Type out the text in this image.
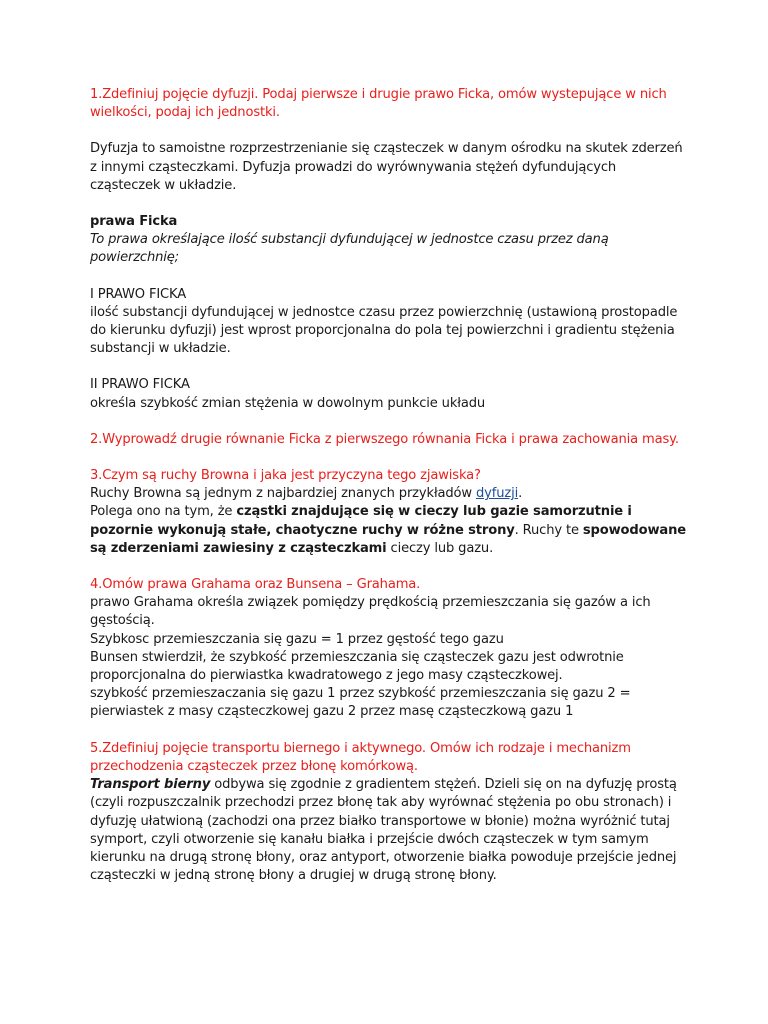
1.Zdefiniuj pojęcie dyfuzji. Podaj pierwsze i drugie prawo Ficka, omów wystepujące w nich wielkości, podaj ich jednostki.

Dyfuzja to samoistne rozprzestrzenianie się cząsteczek w danym ośrodku na skutek zderzeń z innymi cząsteczkami. Dyfuzja prowadzi do wyrównywania stężeń dyfundujących cząsteczek w układzie.

prawa Ficka

To prawa określające ilość substancji dyfundującej w jednostce czasu przez daną powierzchnię;

I PRAWO FICKA

ilość substancji dyfundującej w jednostce czasu przez powierzchnię (ustawioną prostopadle do kierunku dyfuzji) jest wprost proporcjonalna do pola tej powierzchni i gradientu stężenia substancji w układzie.

II PRAWO FICKA

określa szybkość zmian stężenia w dowolnym punkcie układu

2.Wyprowadź drugie równanie Ficka z pierwszego równania Ficka i prawa zachowania masy.

3.Czym są ruchy Browna i jaka jest przyczyna tego zjawiska?

Ruchy Browna są jednym z najbardziej znanych przykładów dyfuzji.

Polega ono na tym, że cząstki znajdujące się w cieczy lub gazie samorzutnie i pozornie wykonują stałe, chaotyczne ruchy w różne strony. Ruchy te spowodowane są zderzeniami zawiesiny z cząsteczkami cieczy lub gazu.

4.Omów prawa Grahama oraz Bunsena – Grahama.

prawo Grahama określa związek pomiędzy prędkością przemieszczania się gazów a ich gęstością.

Szybkosc przemieszczania się gazu = 1 przez gęstość tego gazu

Bunsen stwierdził, że szybkość przemieszczania się cząsteczek gazu jest odwrotnie proporcjonalna do pierwiastka kwadratowego z jego masy cząsteczkowej.

szybkość przemieszaczania się gazu 1 przez szybkość przemieszczania się gazu 2 = pierwiastek z masy cząsteczkowej gazu 2 przez masę cząsteczkową gazu 1

5.Zdefiniuj pojęcie transportu biernego i aktywnego. Omów ich rodzaje i mechanizm przechodzenia cząsteczek przez błonę komórkową.

Transport bierny odbywa się zgodnie z gradientem stężeń. Dzieli się on na dyfuzję prostą (czyli rozpuszczalnik przechodzi przez błonę tak aby wyrównać stężenia po obu stronach) i dyfuzję ułatwioną (zachodzi ona przez białko transportowe w błonie) można wyróżnić tutaj symport, czyli otworzenie się kanału białka i przejście dwóch cząsteczek w tym samym kierunku na drugą stronę błony, oraz antyport, otworzenie białka powoduje przejście jednej cząsteczki w jedną stronę błony a drugiej w drugą stronę błony.
